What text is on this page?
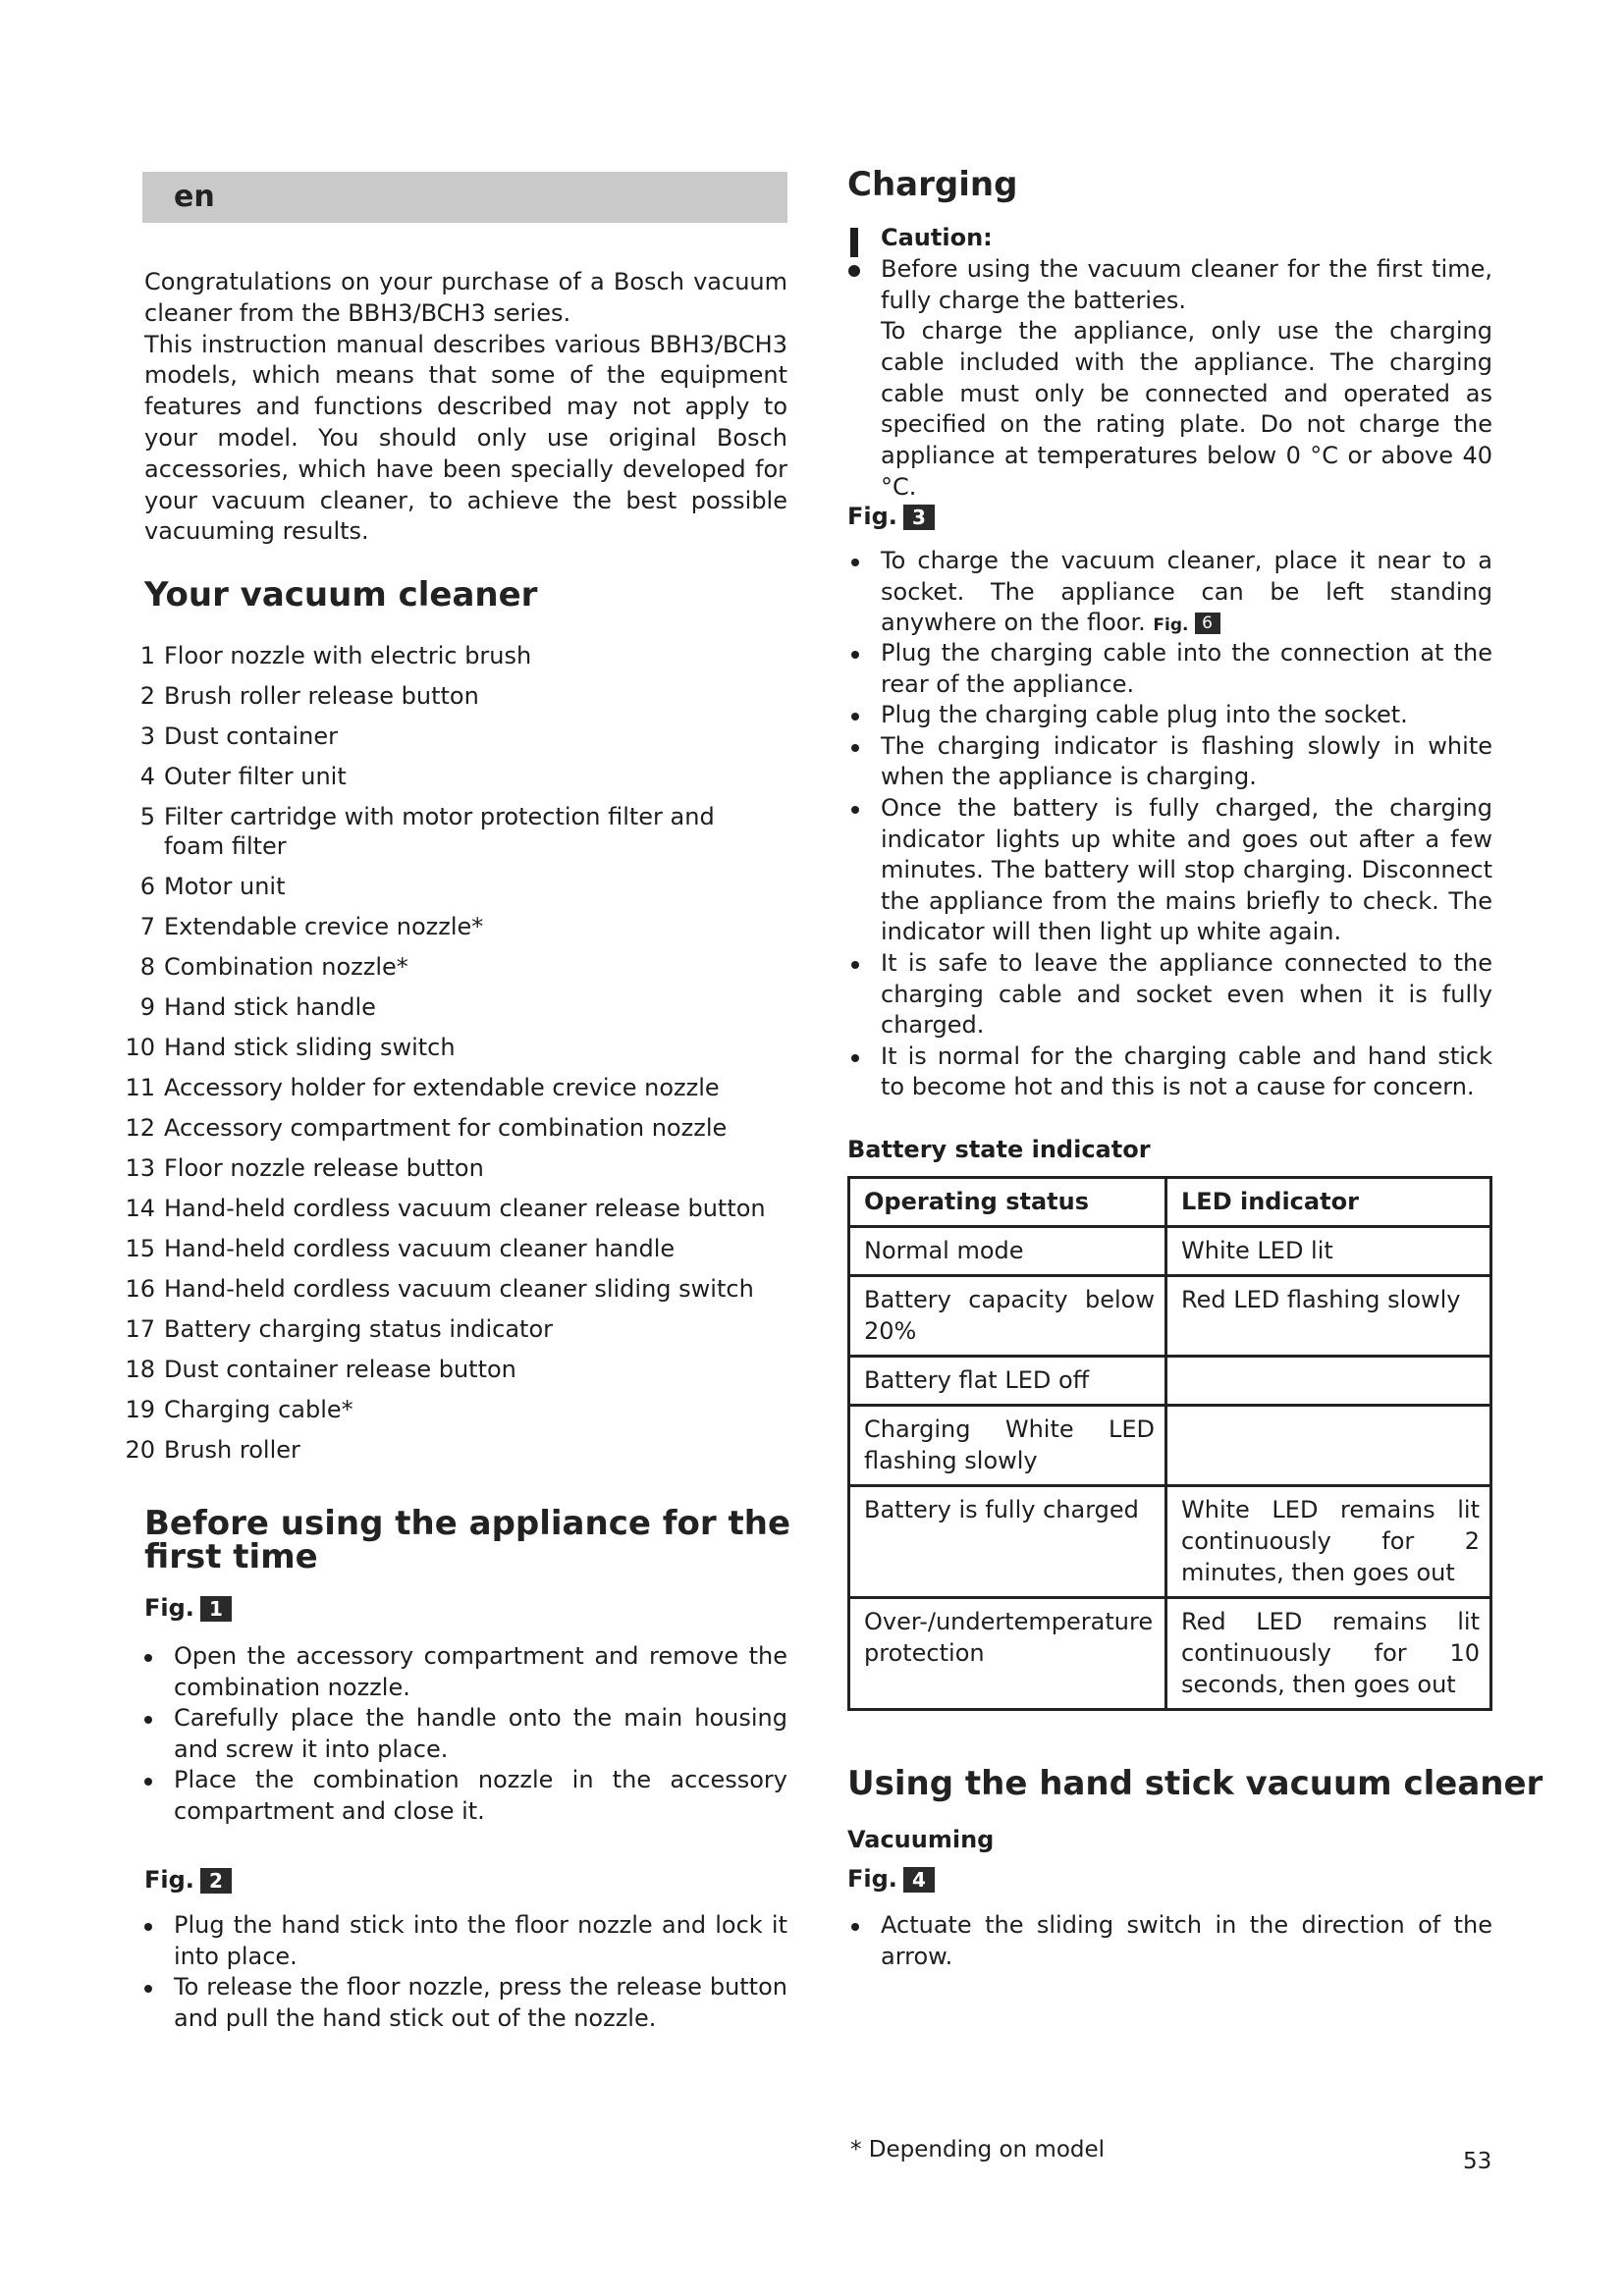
en
Congratulations on your purchase of a Bosch vacuum cleaner from the BBH3/BCH3 series.
This instruction manual describes various BBH3/BCH3 models, which means that some of the equipment features and functions described may not apply to your model. You should only use original Bosch accessories, which have been specially developed for your vacuum cleaner, to achieve the best possible vacuuming results.
Your vacuum cleaner
1 Floor nozzle with electric brush
2 Brush roller release button
3 Dust container
4 Outer filter unit
5 Filter cartridge with motor protection filter and foam filter
6 Motor unit
7 Extendable crevice nozzle*
8 Combination nozzle*
9 Hand stick handle
10 Hand stick sliding switch
11 Accessory holder for extendable crevice nozzle
12 Accessory compartment for combination nozzle
13 Floor nozzle release button
14 Hand-held cordless vacuum cleaner release button
15 Hand-held cordless vacuum cleaner handle
16 Hand-held cordless vacuum cleaner sliding switch
17 Battery charging status indicator
18 Dust container release button
19 Charging cable*
20 Brush roller
Before using the appliance for the first time
Fig. 1
Open the accessory compartment and remove the combination nozzle.
Carefully place the handle onto the main housing and screw it into place.
Place the combination nozzle in the accessory compartment and close it.
Fig. 2
Plug the hand stick into the floor nozzle and lock it into place.
To release the floor nozzle, press the release button and pull the hand stick out of the nozzle.
Charging
Caution:
Before using the vacuum cleaner for the first time, fully charge the batteries.
To charge the appliance, only use the charging cable included with the appliance. The charging cable must only be connected and operated as specified on the rating plate. Do not charge the appliance at temperatures below 0 °C or above 40 °C.
Fig. 3
To charge the vacuum cleaner, place it near to a socket. The appliance can be left standing anywhere on the floor. Fig. 6
Plug the charging cable into the connection at the rear of the appliance.
Plug the charging cable plug into the socket.
The charging indicator is flashing slowly in white when the appliance is charging.
Once the battery is fully charged, the charging indicator lights up white and goes out after a few minutes. The battery will stop charging. Disconnect the appliance from the mains briefly to check. The indicator will then light up white again.
It is safe to leave the appliance connected to the charging cable and socket even when it is fully charged.
It is normal for the charging cable and hand stick to become hot and this is not a cause for concern.
Battery state indicator
Operating status	LED indicator
Normal mode	White LED lit
Battery capacity below 20%	Red LED flashing slowly
Battery flat LED off	
Charging White LED flashing slowly	
Battery is fully charged	White LED remains lit continuously for 2 minutes, then goes out
Over-/undertemperature protection	Red LED remains lit continuously for 10 seconds, then goes out
Using the hand stick vacuum cleaner
Vacuuming
Fig. 4
Actuate the sliding switch in the direction of the arrow.
* Depending on model	53
